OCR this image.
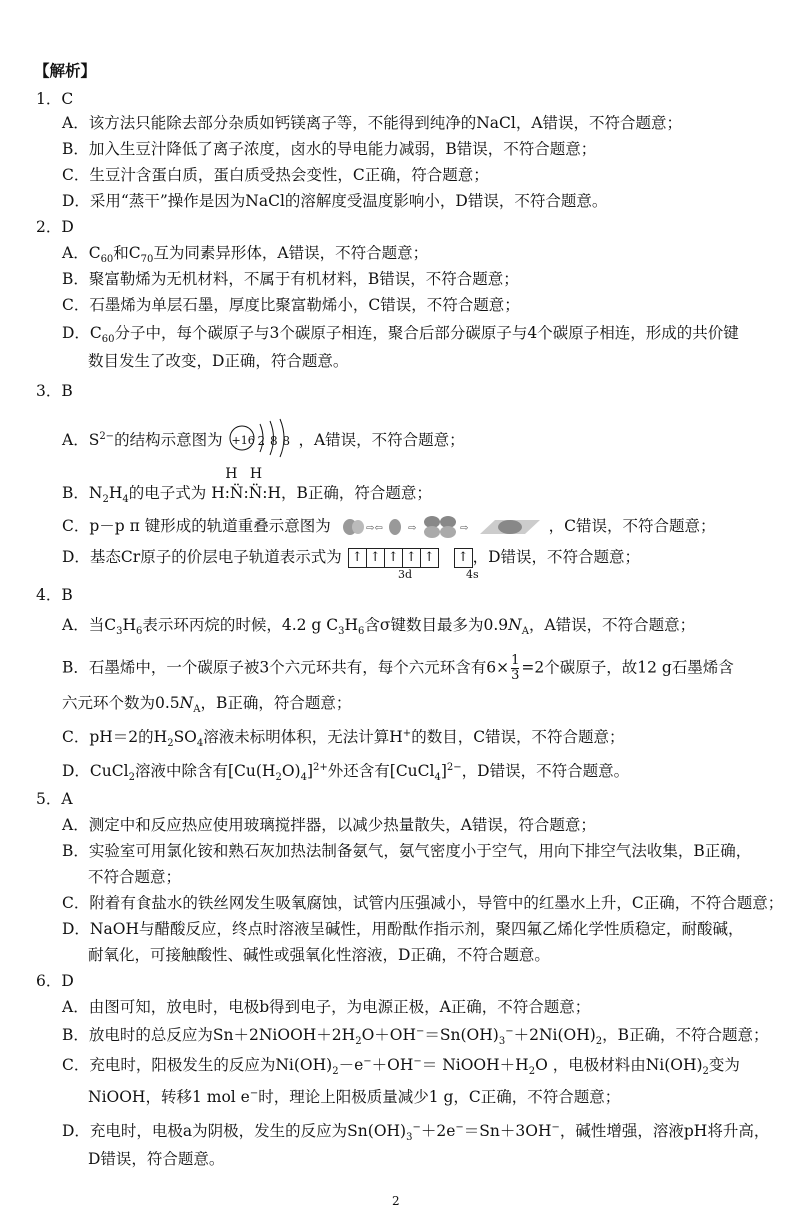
【解析】
1．C
A．该方法只能除去部分杂质如钙镁离子等，不能得到纯净的NaCl，A错误，不符合题意；
B．加入生豆汁降低了离子浓度，卤水的导电能力减弱，B错误，不符合题意；
C．生豆汁含蛋白质，蛋白质受热会变性，C正确，符合题意；
D．采用“蒸干”操作是因为NaCl的溶解度受温度影响小，D错误，不符合题意。
2．D
A．$C_{60}$和$C_{70}$互为同素异形体，A错误，不符合题意；
B．聚富勒烯为无机材料，不属于有机材料，B错误，不符合题意；
C．石墨烯为单层石墨，厚度比聚富勒烯小，C错误，不符合题意；
D．$C_{60}$分子中，每个碳原子与3个碳原子相连，聚合后部分碳原子与4个碳原子相连，形成的共价键
数目发生了改变，D正确，符合题意。
3．B
A．$S^{2-}$的结构示意图为 +16 2 8 8 ，A错误，不符合题意；
B．$N_2H_4$的电子式为
H H
H:N̈:N̈:H，B正确，符合题意；
C．p－p π 键形成的轨道重叠示意图为	⇨⇦	⇨	⇨	，C错误，不符合题意；
D．基态Cr原子的价层电子轨道表示式为 ↑ ↑ ↑ ↑ ↑ ↑ ，D错误，不符合题意；
3d	4s
4．B
A．当$C_3H_6$表示环丙烷的时候，4.2 g $C_3H_6$含σ键数目最多为$0.9N_A$，A错误，不符合题意；
B．石墨烯中，一个碳原子被3个六元环共有，每个六元环含有$6\times \frac{1}{3} =2$个碳原子，故12 g石墨烯含
六元环个数为$0.5N_A$，B正确，符合题意；
C．pH＝2的$H_2SO_4$溶液未标明体积，无法计算H+的数目，C错误，不符合题意；
D．CuCl$_2$溶液中除含有$[Cu(H_2O)_4]^{2+}$外还含有[CuCl$_4$]$^{2-}$，D错误，不符合题意。
5．A
A．测定中和反应热应使用玻璃搅拌器，以减少热量散失，A错误，符合题意；
B．实验室可用氯化铵和熟石灰加热法制备氨气，氨气密度小于空气，用向下排空气法收集，B正确，
不符合题意；
C．附着有食盐水的铁丝网发生吸氧腐蚀，试管内压强减小，导管中的红墨水上升，C正确，不符合题意；
D．NaOH与醋酸反应，终点时溶液呈碱性，用酚酞作指示剂，聚四氟乙烯化学性质稳定，耐酸碱，
耐氧化，可接触酸性、碱性或强氧化性溶液，D正确，不符合题意。
6．D
A．由图可知，放电时，电极b得到电子，为电源正极，A正确，不符合题意；
B．放电时的总反应为$Sn+2NiOOH+2H_2O+OH^-=Sn(OH)_3^-+2Ni(OH)_2$，B正确，不符合题意；
C．充电时，阳极发生的反应为$Ni(OH)_2-e^-+OH^-=$ $NiOOH+H_2O$ ，电极材料由$Ni(OH)_2$变为
NiOOH，转移1 mol e−时，理论上阳极质量减少1 g，C正确，不符合题意；
D．充电时，电极a为阴极，发生的反应为$Sn(OH)_3^-+2e^-=Sn+3OH^-$，碱性增强，溶液pH将升高，
D错误，符合题意。
2
